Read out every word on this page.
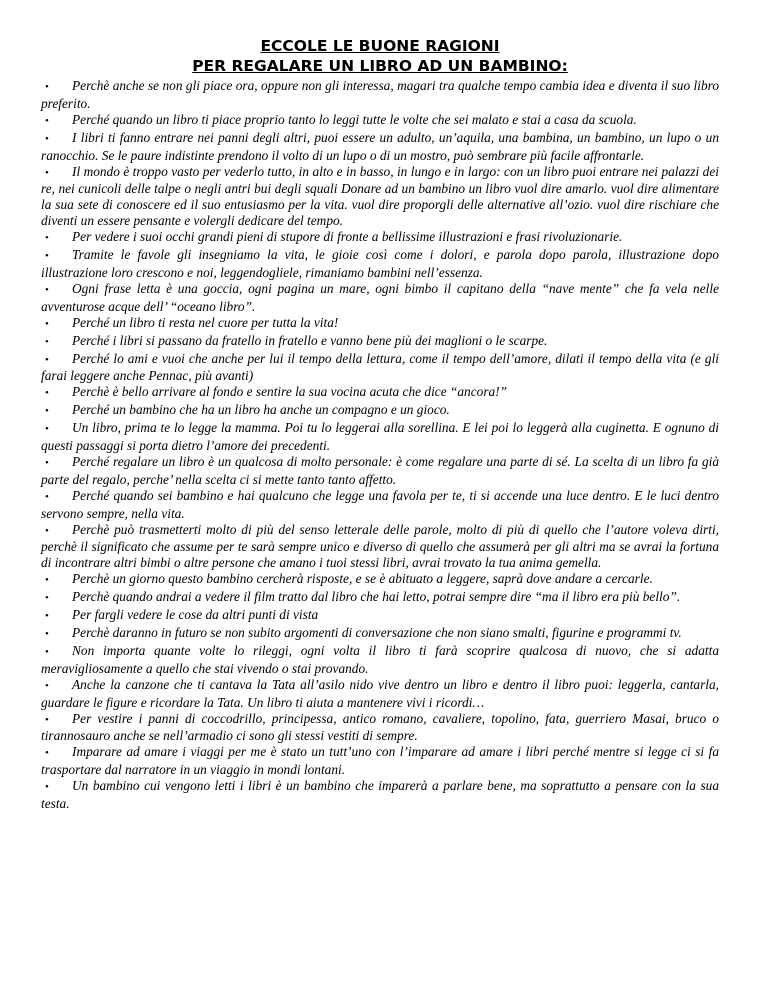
ECCOLE LE BUONE RAGIONI
PER REGALARE UN LIBRO AD UN BAMBINO:
• Perchè anche se non gli piace ora, oppure non gli interessa, magari tra qualche tempo cambia idea e diventa il suo libro preferito.
• Perché quando un libro ti piace proprio tanto lo leggi tutte le volte che sei malato e stai a casa da scuola.
• I libri ti fanno entrare nei panni degli altri, puoi essere un adulto, un’aquila, una bambina, un bambino, un lupo o un ranocchio. Se le paure indistinte prendono il volto di un lupo o di un mostro, può sembrare più facile affrontarle.
• Il mondo è troppo vasto per vederlo tutto, in alto e in basso, in lungo e in largo: con un libro puoi entrare nei palazzi dei re, nei cunicoli delle talpe o negli antri bui degli squali Donare ad un bambino un libro vuol dire amarlo. vuol dire alimentare la sua sete di conoscere ed il suo entusiasmo per la vita. vuol dire proporgli delle alternative all’ozio. vuol dire rischiare che diventi un essere pensante e volergli dedicare del tempo.
• Per vedere i suoi occhi grandi pieni di stupore di fronte a bellissime illustrazioni e frasi rivoluzionarie.
• Tramite le favole gli insegniamo la vita, le gioie così come i dolori, e parola dopo parola, illustrazione dopo illustrazione loro crescono e noi, leggendogliele, rimaniamo bambini nell’essenza.
• Ogni frase letta è una goccia, ogni pagina un mare, ogni bimbo il capitano della “nave mente” che fa vela nelle avventurose acque dell’ “oceano libro”.
• Perché un libro ti resta nel cuore per tutta la vita!
• Perché i libri si passano da fratello in fratello e vanno bene più dei maglioni o le scarpe.
• Perché lo ami e vuoi che anche per lui il tempo della lettura, come il tempo dell’amore, dilati il tempo della vita (e gli farai leggere anche Pennac, più avanti)
• Perchè è bello arrivare al fondo e sentire la sua vocina acuta che dice “ancora!”
• Perché un bambino che ha un libro ha anche un compagno e un gioco.
• Un libro, prima te lo legge la mamma. Poi tu lo leggerai alla sorellina. E lei poi lo leggerà alla cuginetta. E ognuno di questi passaggi si porta dietro l’amore dei precedenti.
• Perché regalare un libro è un qualcosa di molto personale: è come regalare una parte di sé. La scelta di un libro fa già parte del regalo, perche’ nella scelta ci si mette tanto tanto affetto.
• Perché quando sei bambino e hai qualcuno che legge una favola per te, ti si accende una luce dentro. E le luci dentro servono sempre, nella vita.
• Perchè può trasmetterti molto di più del senso letterale delle parole, molto di più di quello che l’autore voleva dirti, perchè il significato che assume per te sarà sempre unico e diverso di quello che assumerà per gli altri ma se avrai la fortuna di incontrare altri bimbi o altre persone che amano i tuoi stessi libri, avrai trovato la tua anima gemella.
• Perchè un giorno questo bambino cercherà risposte, e se è abituato a leggere, saprà dove andare a cercarle.
• Perchè quando andrai a vedere il film tratto dal libro che hai letto, potrai sempre dire “ma il libro era più bello”.
• Per fargli vedere le cose da altri punti di vista
• Perchè daranno in futuro se non subito argomenti di conversazione che non siano smalti, figurine e programmi tv.
• Non importa quante volte lo rileggi, ogni volta il libro ti farà scoprire qualcosa di nuovo, che si adatta meravigliosamente a quello che stai vivendo o stai provando.
• Anche la canzone che ti cantava la Tata all’asilo nido vive dentro un libro e dentro il libro puoi: leggerla, cantarla, guardare le figure e ricordare la Tata. Un libro ti aiuta a mantenere vivi i ricordi…
• Per vestire i panni di coccodrillo, principessa, antico romano, cavaliere, topolino, fata, guerriero Masai, bruco o tirannosauro anche se nell’armadio ci sono gli stessi vestiti di sempre.
• Imparare ad amare i viaggi per me è stato un tutt’uno con l’imparare ad amare i libri perché mentre si legge ci si fa trasportare dal narratore in un viaggio in mondi lontani.
• Un bambino cui vengono letti i libri è un bambino che imparerà a parlare bene, ma soprattutto a pensare con la sua testa.
